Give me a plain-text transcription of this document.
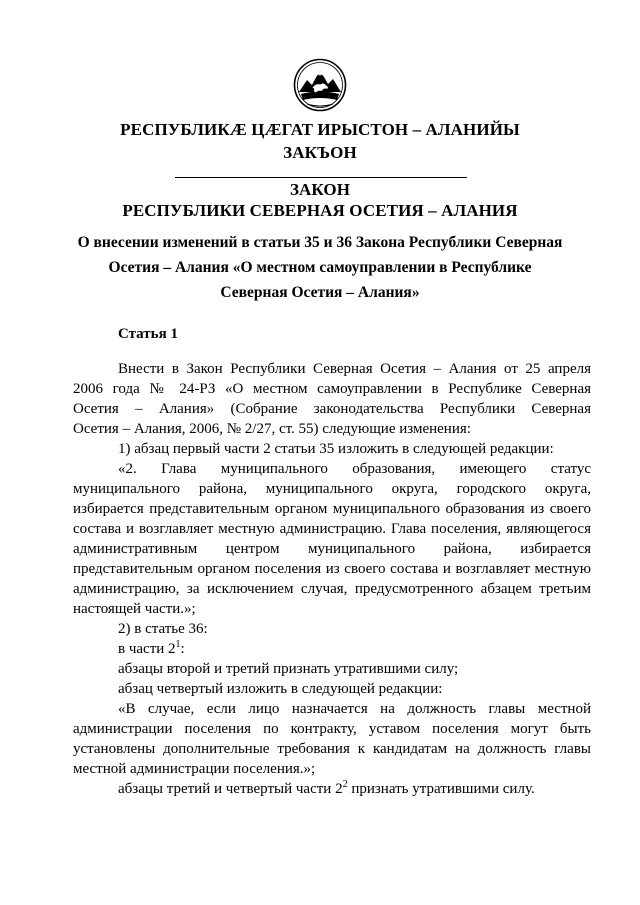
РЕСПУБЛИКӔ ЦӔГАТ ИРЫСТОН – АЛАНИЙЫ
ЗАКЪОН
ЗАКОН
РЕСПУБЛИКИ СЕВЕРНАЯ ОСЕТИЯ – АЛАНИЯ
О внесении изменений в статьи 35 и 36 Закона Республики Северная
Осетия – Алания «О местном самоуправлении в Республике
Северная Осетия – Алания»
Статья 1
Внести в Закон Республики Северная Осетия – Алания от 25 апреля
2006 года № 24-РЗ «О местном самоуправлении в Республике Северная
Осетия – Алания» (Собрание законодательства Республики Северная
Осетия – Алания, 2006, № 2/27, ст. 55) следующие изменения:
1) абзац первый части 2 статьи 35 изложить в следующей редакции:
«2. Глава муниципального образования, имеющего статус
муниципального района, муниципального округа, городского округа,
избирается представительным органом муниципального образования из своего
состава и возглавляет местную администрацию. Глава поселения, являющегося
административным центром муниципального района, избирается
представительным органом поселения из своего состава и возглавляет местную
администрацию, за исключением случая, предусмотренного абзацем третьим
настоящей части.»;
2) в статье 36:
в части $2^1$:
абзацы второй и третий признать утратившими силу;
абзац четвертый изложить в следующей редакции:
«В случае, если лицо назначается на должность главы местной
администрации поселения по контракту, уставом поселения могут быть
установлены дополнительные требования к кандидатам на должность главы
местной администрации поселения.»;
абзацы третий и четвертый части $2^2$ признать утратившими силу.
